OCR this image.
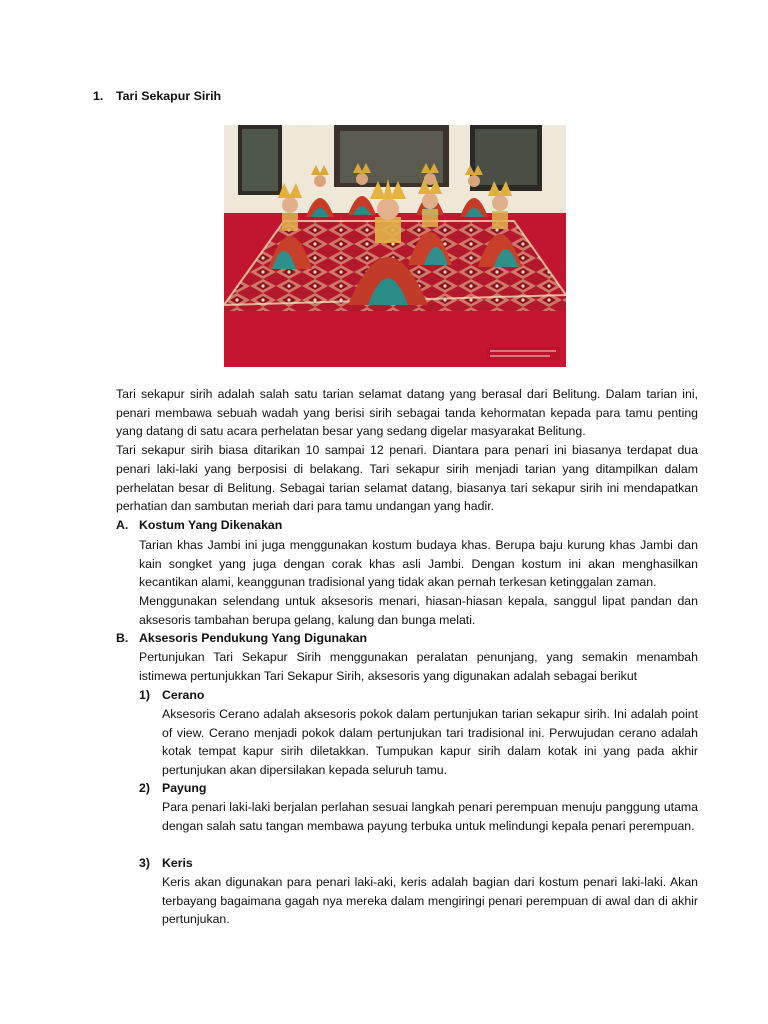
1. Tari Sekapur Sirih

Tari sekapur sirih adalah salah satu tarian selamat datang yang berasal dari Belitung. Dalam tarian ini, penari membawa sebuah wadah yang berisi sirih sebagai tanda kehormatan kepada para tamu penting yang datang di satu acara perhelatan besar yang sedang digelar masyarakat Belitung.

Tari sekapur sirih biasa ditarikan 10 sampai 12 penari. Diantara para penari ini biasanya terdapat dua penari laki-laki yang berposisi di belakang. Tari sekapur sirih menjadi tarian yang ditampilkan dalam perhelatan besar di Belitung. Sebagai tarian selamat datang, biasanya tari sekapur sirih ini mendapatkan perhatian dan sambutan meriah dari para tamu undangan yang hadir.

A. Kostum Yang Dikenakan

Tarian khas Jambi ini juga menggunakan kostum budaya khas. Berupa baju kurung khas Jambi dan kain songket yang juga dengan corak khas asli Jambi. Dengan kostum ini akan menghasilkan kecantikan alami, keanggunan tradisional yang tidak akan pernah terkesan ketinggalan zaman.

Menggunakan selendang untuk aksesoris menari, hiasan-hiasan kepala, sanggul lipat pandan dan aksesoris tambahan berupa gelang, kalung dan bunga melati.

B. Aksesoris Pendukung Yang Digunakan

Pertunjukan Tari Sekapur Sirih menggunakan peralatan penunjang, yang semakin menambah istimewa pertunjukkan Tari Sekapur Sirih, aksesoris yang digunakan adalah sebagai berikut

1) Cerano

Aksesoris Cerano adalah aksesoris pokok dalam pertunjukan tarian sekapur sirih. Ini adalah point of view. Cerano menjadi pokok dalam pertunjukan tari tradisional ini. Perwujudan cerano adalah kotak tempat kapur sirih diletakkan. Tumpukan kapur sirih dalam kotak ini yang pada akhir pertunjukan akan dipersilakan kepada seluruh tamu.

2) Payung

Para penari laki-laki berjalan perlahan sesuai langkah penari perempuan menuju panggung utama dengan salah satu tangan membawa payung terbuka untuk melindungi kepala penari perempuan.

3) Keris

Keris akan digunakan para penari laki-aki, keris adalah bagian dari kostum penari laki-laki. Akan terbayang bagaimana gagah nya mereka dalam mengiringi penari perempuan di awal dan di akhir pertunjukan.
